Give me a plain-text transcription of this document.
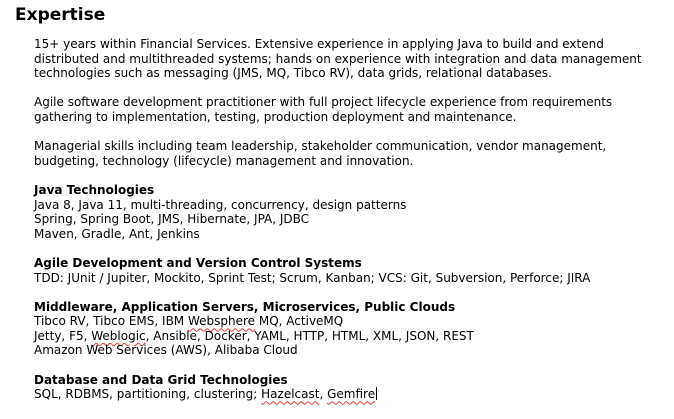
Expertise
15+ years within Financial Services. Extensive experience in applying Java to build and extend
distributed and multithreaded systems; hands on experience with integration and data management
technologies such as messaging (JMS, MQ, Tibco RV), data grids, relational databases.
Agile software development practitioner with full project lifecycle experience from requirements
gathering to implementation, testing, production deployment and maintenance.
Managerial skills including team leadership, stakeholder communication, vendor management,
budgeting, technology (lifecycle) management and innovation.
Java Technologies
Java 8, Java 11, multi-threading, concurrency, design patterns
Spring, Spring Boot, JMS, Hibernate, JPA, JDBC
Maven, Gradle, Ant, Jenkins
Agile Development and Version Control Systems
TDD: JUnit / Jupiter, Mockito, Sprint Test; Scrum, Kanban; VCS: Git, Subversion, Perforce; JIRA
Middleware, Application Servers, Microservices, Public Clouds
Tibco RV, Tibco EMS, IBM Websphere MQ, ActiveMQ
Jetty, F5, Weblogic, Ansible, Docker, YAML, HTTP, HTML, XML, JSON, REST
Amazon Web Services (AWS), Alibaba Cloud
Database and Data Grid Technologies
SQL, RDBMS, partitioning, clustering; Hazelcast, Gemfire
